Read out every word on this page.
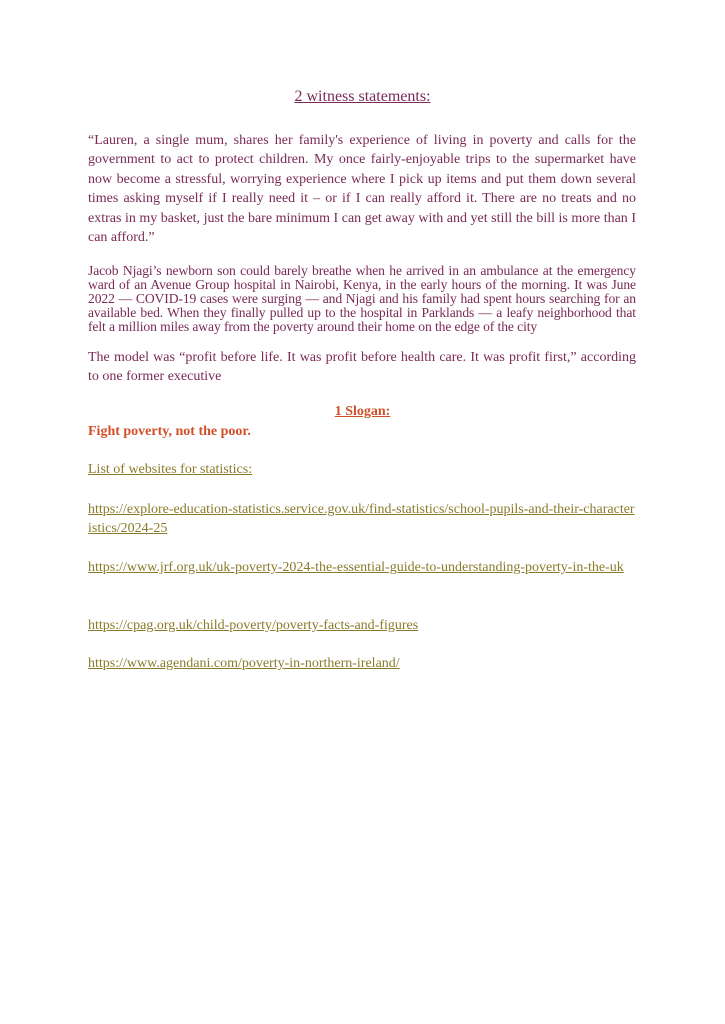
2 witness statements:
“Lauren, a single mum, shares her family's experience of living in poverty and calls for the government to act to protect children. My once fairly-enjoyable trips to the supermarket have now become a stressful, worrying experience where I pick up items and put them down several times asking myself if I really need it – or if I can really afford it. There are no treats and no extras in my basket, just the bare minimum I can get away with and yet still the bill is more than I can afford.”
Jacob Njagi’s newborn son could barely breathe when he arrived in an ambulance at the emergency ward of an Avenue Group hospital in Nairobi, Kenya, in the early hours of the morning. It was June 2022 — COVID-19 cases were surging — and Njagi and his family had spent hours searching for an available bed. When they finally pulled up to the hospital in Parklands — a leafy neighborhood that felt a million miles away from the poverty around their home on the edge of the city
The model was “profit before life. It was profit before health care. It was profit first,” according to one former executive
1 Slogan:
Fight poverty, not the poor.
List of websites for statistics:
https://explore-education-statistics.service.gov.uk/find-statistics/school-pupils-and-their-characteristics/2024-25
https://www.jrf.org.uk/uk-poverty-2024-the-essential-guide-to-understanding-poverty-in-the-uk
https://cpag.org.uk/child-poverty/poverty-facts-and-figures
https://www.agendani.com/poverty-in-northern-ireland/
